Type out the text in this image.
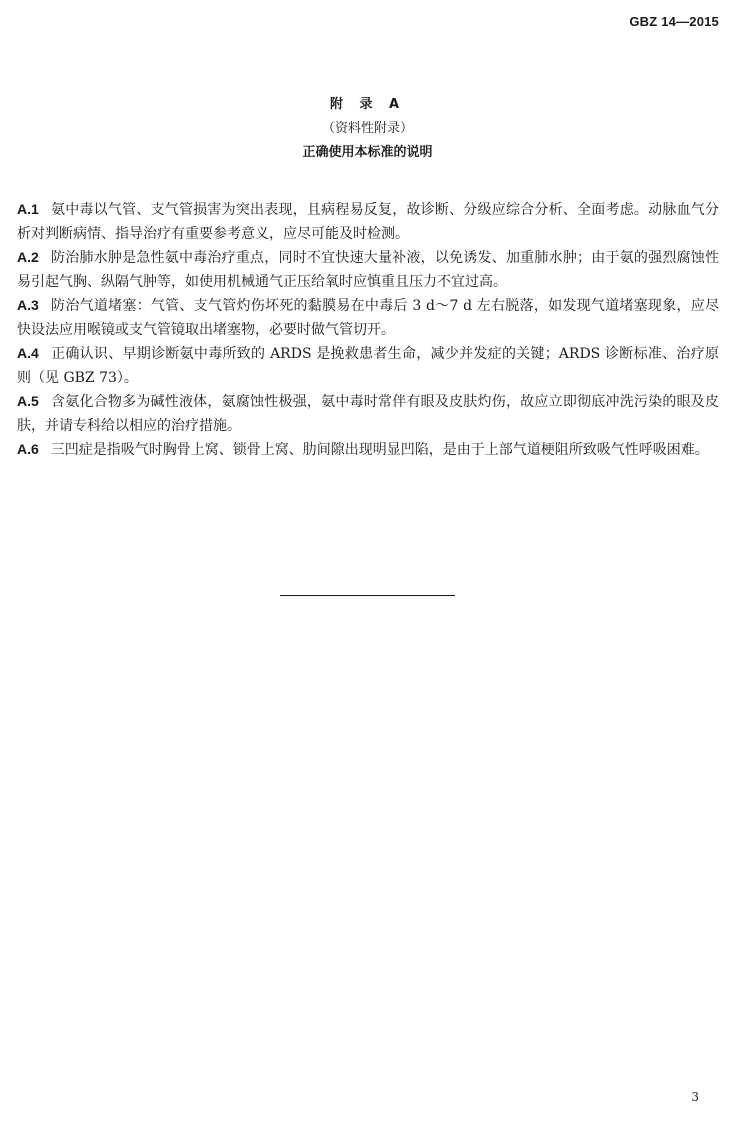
GBZ 14—2015
附 录 A
（资料性附录）
正确使用本标准的说明

A.1 氨中毒以气管、支气管损害为突出表现，且病程易反复，故诊断、分级应综合分析、全面考虑。动脉血气分析对判断病情、指导治疗有重要参考意义，应尽可能及时检测。

A.2 防治肺水肿是急性氨中毒治疗重点，同时不宜快速大量补液，以免诱发、加重肺水肿；由于氨的强烈腐蚀性易引起气胸、纵隔气肿等，如使用机械通气正压给氧时应慎重且压力不宜过高。

A.3 防治气道堵塞：气管、支气管灼伤坏死的黏膜易在中毒后 3 d～7 d 左右脱落，如发现气道堵塞现象，应尽快设法应用喉镜或支气管镜取出堵塞物，必要时做气管切开。

A.4 正确认识、早期诊断氨中毒所致的 ARDS 是挽救患者生命，减少并发症的关键；ARDS 诊断标准、治疗原则（见 GBZ 73）。

A.5 含氨化合物多为碱性液体，氨腐蚀性极强，氨中毒时常伴有眼及皮肤灼伤，故应立即彻底冲洗污染的眼及皮肤，并请专科给以相应的治疗措施。

A.6 三凹症是指吸气时胸骨上窝、锁骨上窝、肋间隙出现明显凹陷，是由于上部气道梗阻所致吸气性呼吸困难。

3
